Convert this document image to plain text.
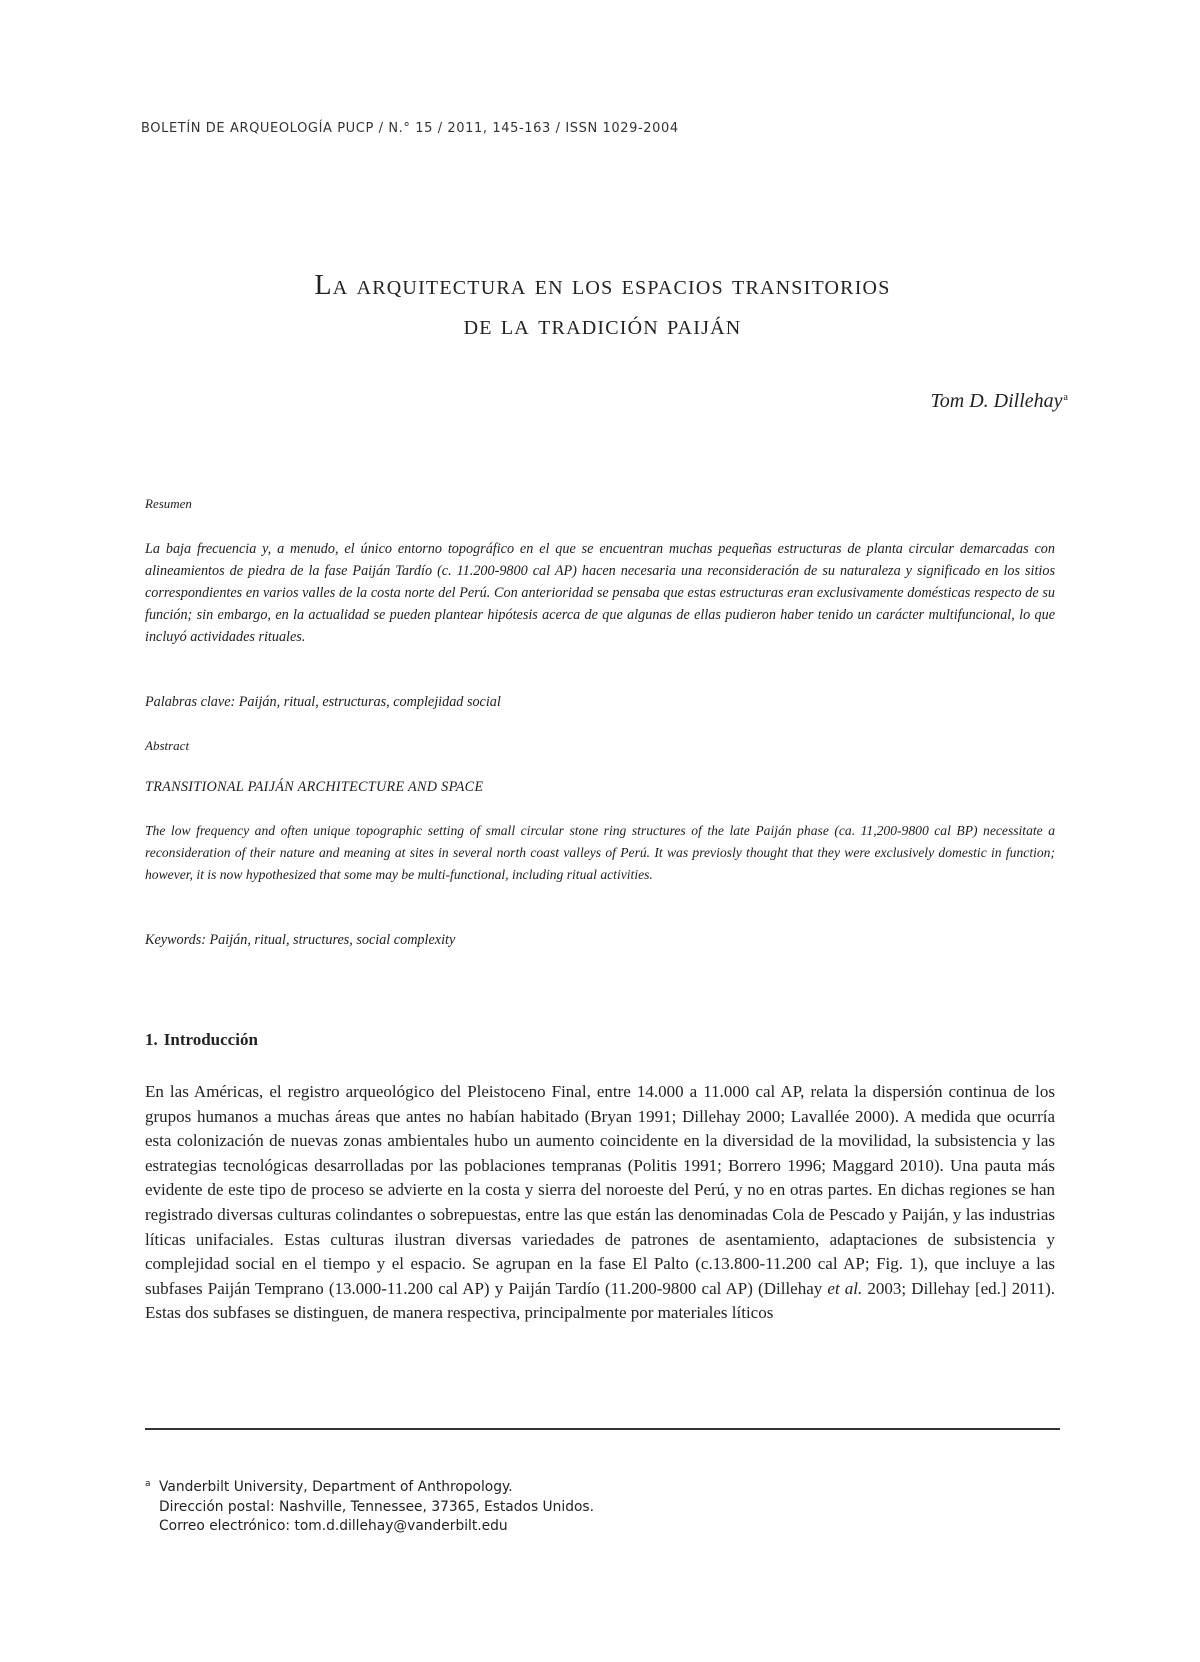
BOLETÍN DE ARQUEOLOGÍA PUCP / N.° 15 / 2011, 145-163 / ISSN 1029-2004
La arquitectura en los espacios transitorios
de la tradición paiján
Tom D. Dillehay$^a$
Resumen
La baja frecuencia y, a menudo, el único entorno topográfico en el que se encuentran muchas pequeñas estructuras de planta circular demarcadas con alineamientos de piedra de la fase Paiján Tardío (c. 11.200-9800 cal AP) hacen necesaria una reconsideración de su naturaleza y significado en los sitios correspondientes en varios valles de la costa norte del Perú. Con anterioridad se pensaba que estas estructuras eran exclusivamente domésticas respecto de su función; sin embargo, en la actualidad se pueden plantear hipótesis acerca de que algunas de ellas pudieron haber tenido un carácter multifuncional, lo que incluyó actividades rituales.
Palabras clave: Paiján, ritual, estructuras, complejidad social
Abstract
TRANSITIONAL PAIJÁN ARCHITECTURE AND SPACE
The low frequency and often unique topographic setting of small circular stone ring structures of the late Paiján phase (ca. 11,200-9800 cal BP) necessitate a reconsideration of their nature and meaning at sites in several north coast valleys of Perú. It was previosly thought that they were exclusively domestic in function; however, it is now hypothesized that some may be multi-functional, including ritual activities.
Keywords: Paiján, ritual, structures, social complexity
1. Introducción

En las Américas, el registro arqueológico del Pleistoceno Final, entre 14.000 a 11.000 cal AP, relata la dispersión continua de los grupos humanos a muchas áreas que antes no habían habitado (Bryan 1991; Dillehay 2000; Lavallée 2000). A medida que ocurría esta colonización de nuevas zonas ambientales hubo un aumento coincidente en la diversidad de la movilidad, la subsistencia y las estrategias tecnológicas desarrolladas por las poblaciones tempranas (Politis 1991; Borrero 1996; Maggard 2010). Una pauta más evidente de este tipo de proceso se advierte en la costa y sierra del noroeste del Perú, y no en otras partes. En dichas regiones se han registrado diversas culturas colindantes o sobrepuestas, entre las que están las denominadas Cola de Pescado y Paiján, y las industrias líticas unifaciales. Estas culturas ilustran diversas variedades de patrones de asentamiento, adaptaciones de subsistencia y complejidad social en el tiempo y el espacio. Se agrupan en la fase El Palto (c.13.800-11.200 cal AP; Fig. 1), que incluye a las subfases Paiján Temprano (13.000-11.200 cal AP) y Paiján Tardío (11.200-9800 cal AP) (Dillehay et al. 2003; Dillehay [ed.] 2011). Estas dos subfases se distinguen, de manera respectiva, principalmente por materiales líticos

a Vanderbilt University, Department of Anthropology.
Dirección postal: Nashville, Tennessee, 37365, Estados Unidos.
Correo electrónico: tom.d.dillehay@vanderbilt.edu
